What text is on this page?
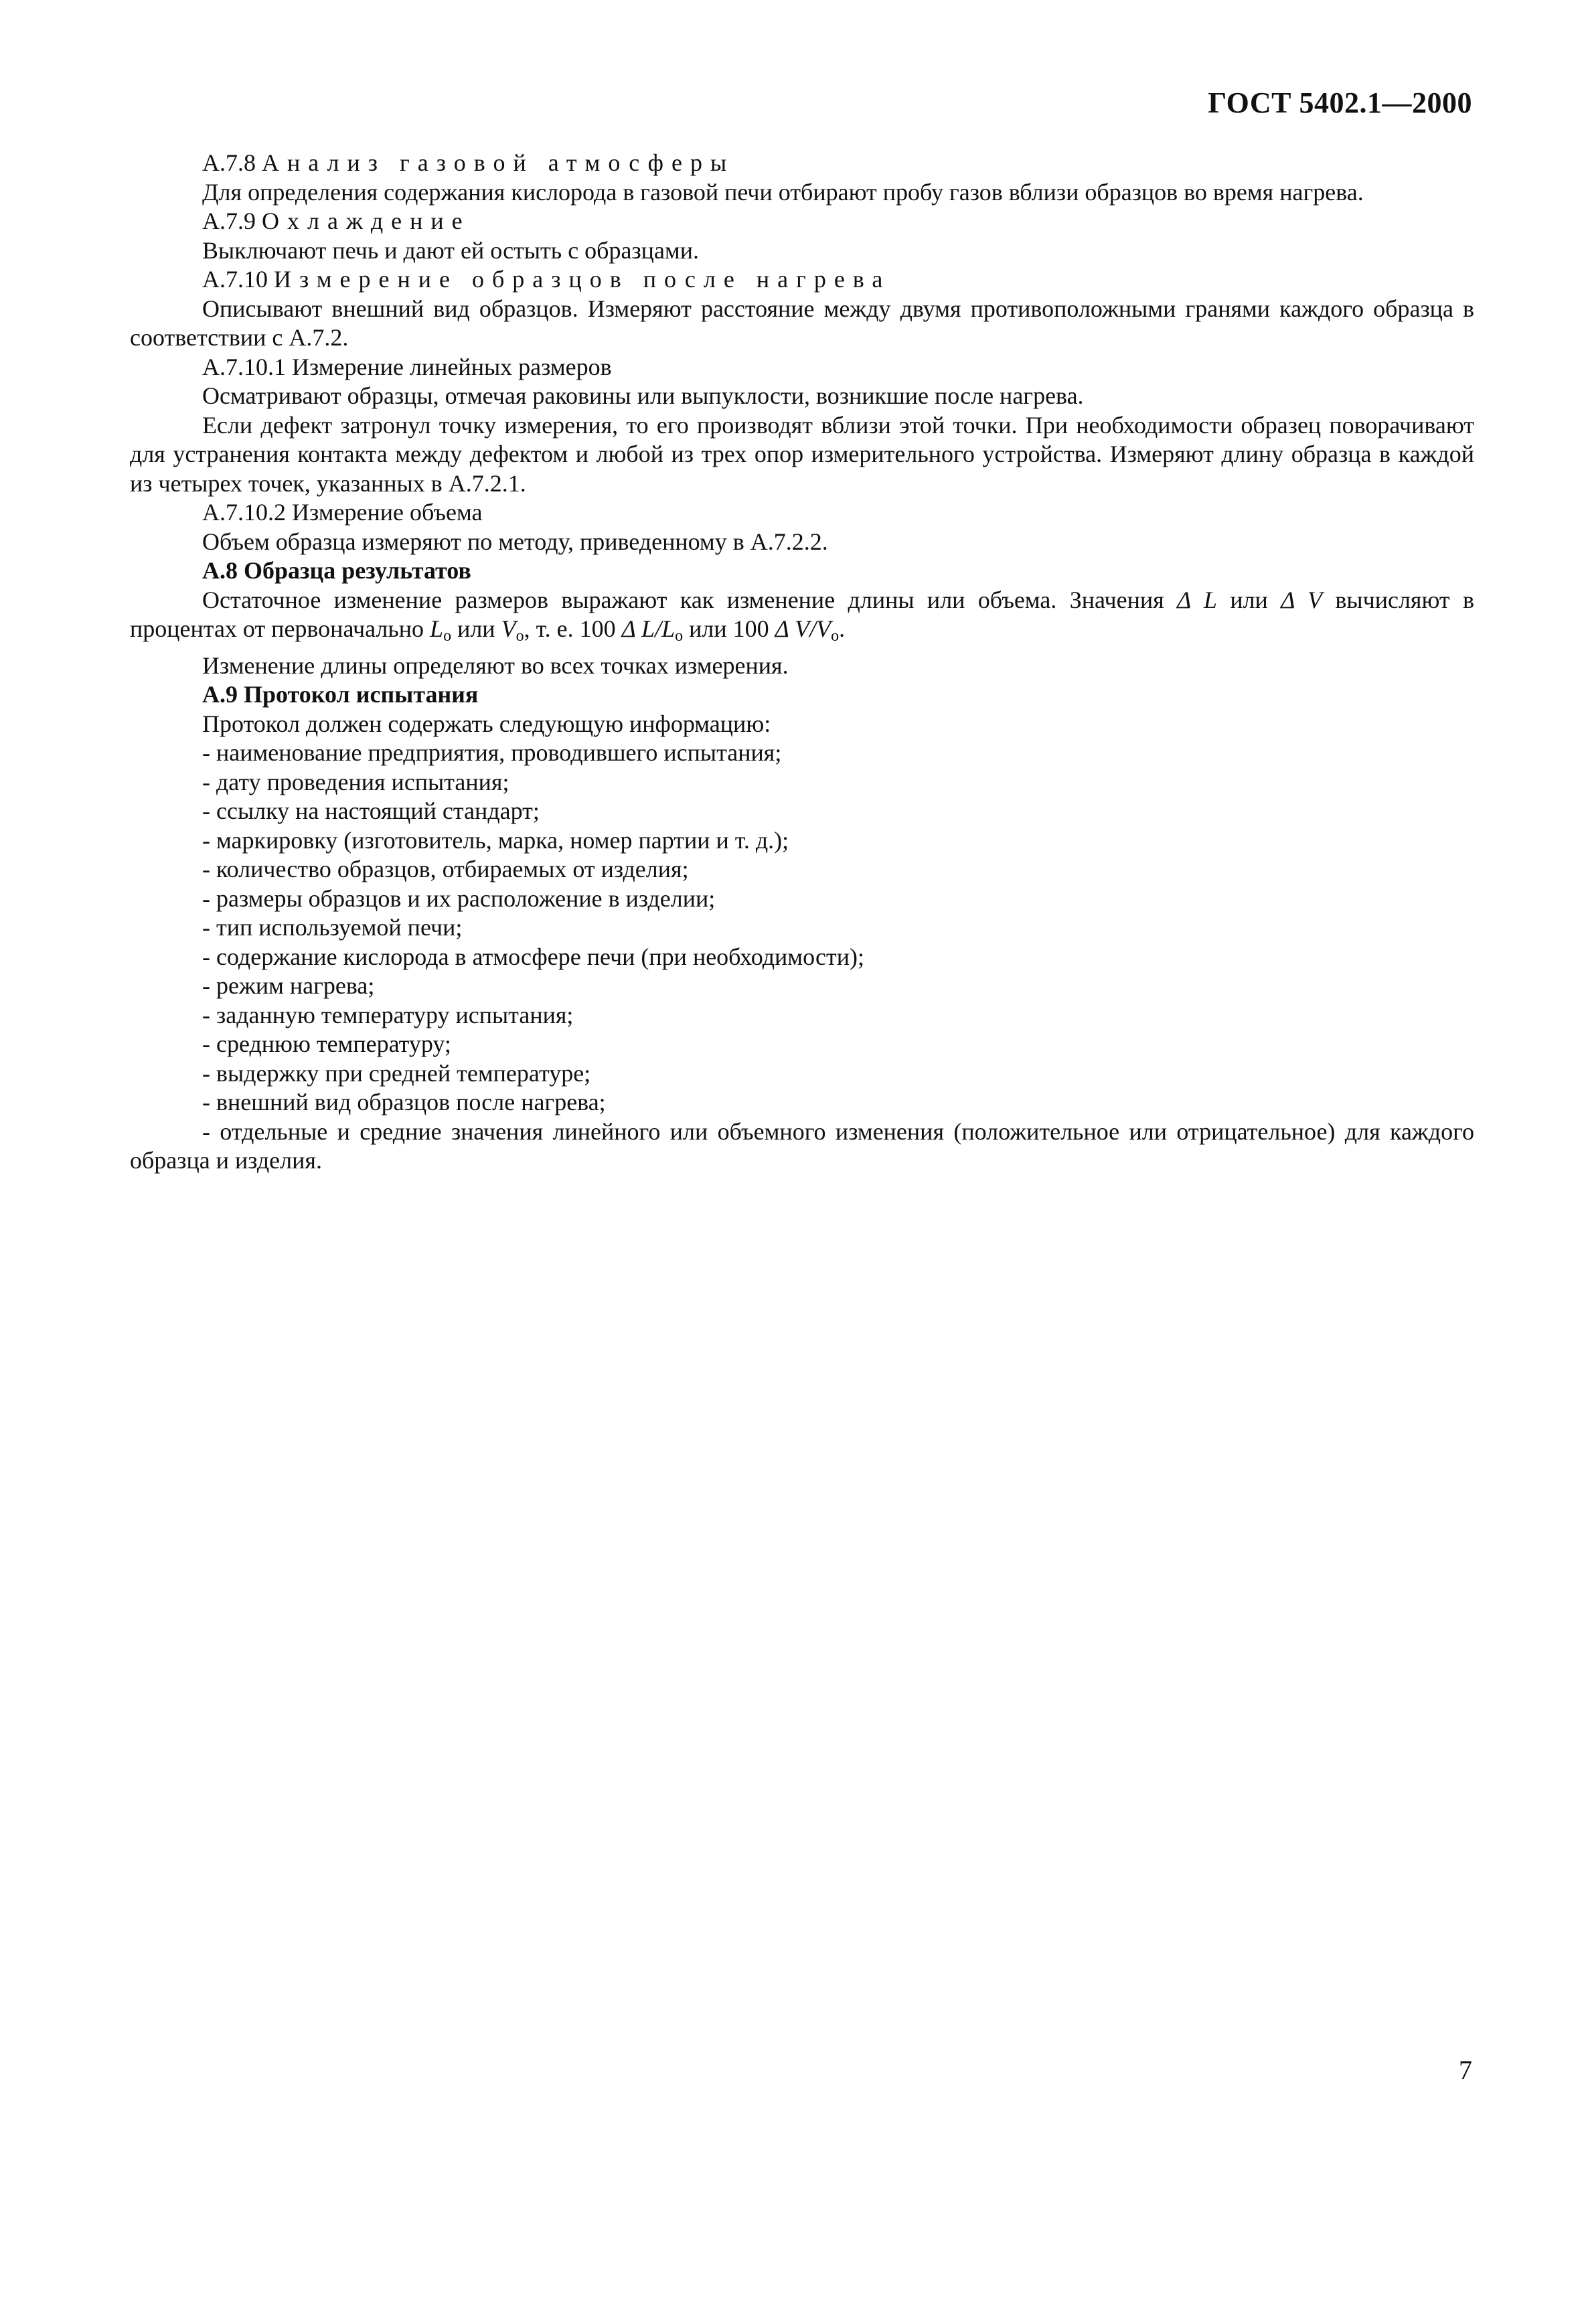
ГОСТ 5402.1—2000

А.7.8 Анализ газовой атмосферы

Для определения содержания кислорода в газовой печи отбирают пробу газов вблизи образцов во время нагрева.

А.7.9 Охлаждение

Выключают печь и дают ей остыть с образцами.

А.7.10 Измерение образцов после нагрева

Описывают внешний вид образцов. Измеряют расстояние между двумя противоположными гранями каждого образца в соответствии с А.7.2.

А.7.10.1 Измерение линейных размеров

Осматривают образцы, отмечая раковины или выпуклости, возникшие после нагрева.

Если дефект затронул точку измерения, то его производят вблизи этой точки. При необходимости образец поворачивают для устранения контакта между дефектом и любой из трех опор измерительного устройства. Измеряют длину образца в каждой из четырех точек, указанных в А.7.2.1.

А.7.10.2 Измерение объема

Объем образца измеряют по методу, приведенному в А.7.2.2.

А.8 Образца результатов

Остаточное изменение размеров выражают как изменение длины или объема. Значения Δ L или Δ V вычисляют в процентах от первоначально $L_o$ или $V_o$, т. е. 100 Δ $L/L_o$ или 100 Δ $V/V_o$.

Изменение длины определяют во всех точках измерения.

А.9 Протокол испытания

Протокол должен содержать следующую информацию:

- наименование предприятия, проводившего испытания;

- дату проведения испытания;

- ссылку на настоящий стандарт;

- маркировку (изготовитель, марка, номер партии и т. д.);

- количество образцов, отбираемых от изделия;

- размеры образцов и их расположение в изделии;

- тип используемой печи;

- содержание кислорода в атмосфере печи (при необходимости);

- режим нагрева;

- заданную температуру испытания;

- среднюю температуру;

- выдержку при средней температуре;

- внешний вид образцов после нагрева;

- отдельные и средние значения линейного или объемного изменения (положительное или отрицательное) для каждого образца и изделия.

7
